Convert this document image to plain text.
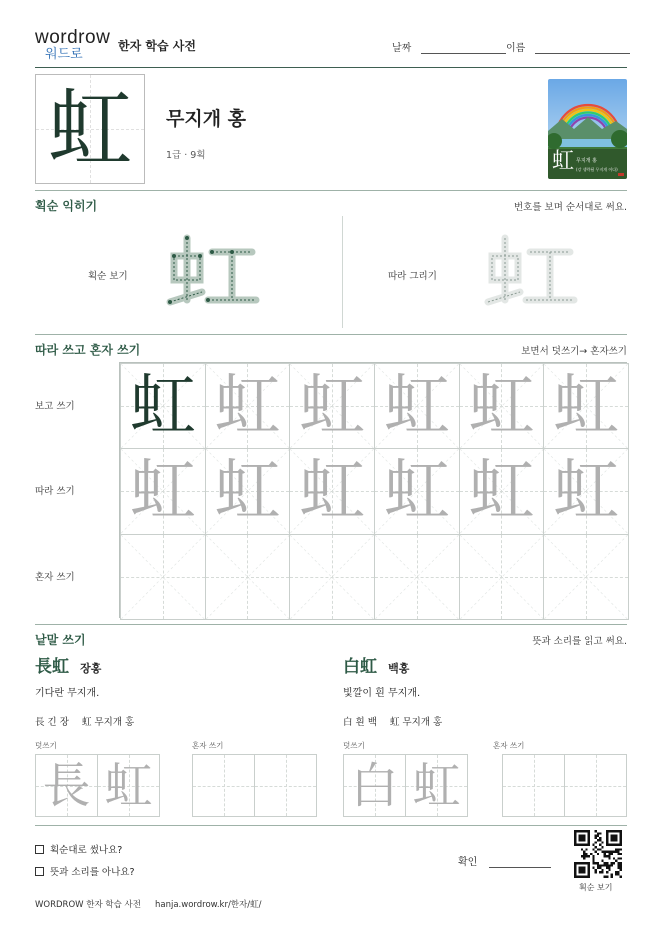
wordrow
워드로
한자 학습 사전	날짜	이름
虹	무지개 홍
1급 · 9획	虹 무지개 홍
(강 생략됨 무지개 이다)
획순 익히기	번호를 보며 순서대로 써요.
획순 보기	따라 그리기
따라 쓰고 혼자 쓰기	보면서 덧쓰기→ 혼자쓰기
보고 쓰기
따라 쓰기
혼자 쓰기
虹 虹 虹 虹 虹 虹
虹 虹 虹 虹 虹 虹
낱말 쓰기	뜻과 소리를 읽고 써요.
長虹 장홍
기다란 무지개.
長 긴 장 虹 무지개 홍
덧쓰기	혼자 쓰기
白虹 백홍
빛깔이 흰 무지개.
白 흰 백 虹 무지개 홍
덧쓰기	혼자 쓰기
長 虹	白 虹
획순대로 썼나요?
뜻과 소리를 아나요?
확인
획순 보기
WORDROW 한자 학습 사전 hanja.wordrow.kr/한자/虹/
